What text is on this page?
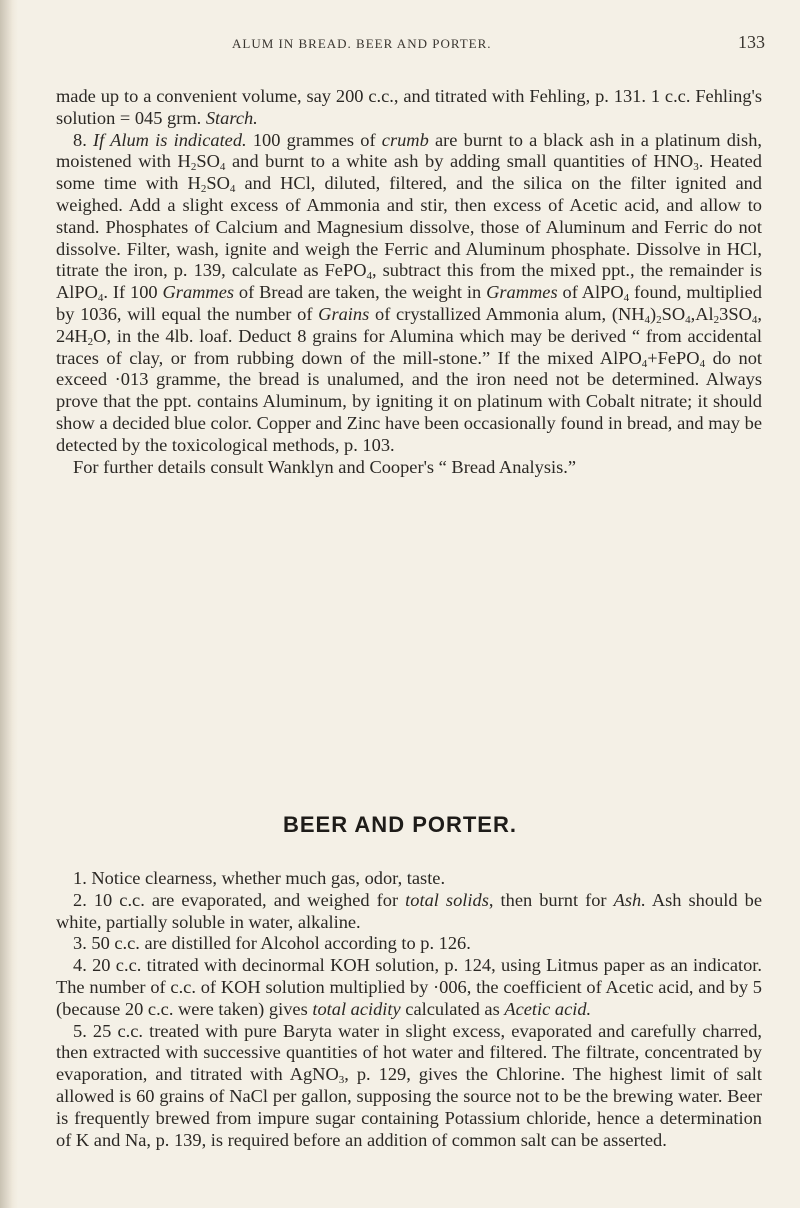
ALUM IN BREAD. BEER AND PORTER.	133

made up to a convenient volume, say 200 c.c., and titrated with Fehling, p. 131. 1 c.c. Fehling's solution = 045 grm. Starch.

8. If Alum is indicated. 100 grammes of crumb are burnt to a black ash in a platinum dish, moistened with $H_2SO_4$ and burnt to a white ash by adding small quantities of $HNO_3$. Heated some time with $H_2SO_4$ and HCl, diluted, filtered, and the silica on the filter ignited and weighed. Add a slight excess of Ammonia and stir, then excess of Acetic acid, and allow to stand. Phosphates of Calcium and Magnesium dissolve, those of Aluminum and Ferric do not dissolve. Filter, wash, ignite and weigh the Ferric and Aluminum phosphate. Dissolve in HCl, titrate the iron, p. 139, calculate as FePO$_4$, subtract this from the mixed ppt., the remainder is AlPO$_4$. If 100 Grammes of Bread are taken, the weight in Grammes of AlPO$_4$ found, multiplied by 1036, will equal the number of Grains of crystallized Ammonia alum, $(NH_4)_2SO_4,Al_23SO_4$, $24H_2O$, in the 4lb. loaf. Deduct 8 grains for Alumina which may be derived “ from accidental traces of clay, or from rubbing down of the mill-stone.” If the mixed AlPO$_4$+FePO$_4$ do not exceed ·013 gramme, the bread is unalumed, and the iron need not be determined. Always prove that the ppt. contains Aluminum, by igniting it on platinum with Cobalt nitrate; it should show a decided blue color. Copper and Zinc have been occasionally found in bread, and may be detected by the toxicological methods, p. 103.

For further details consult Wanklyn and Cooper's “ Bread Analysis.”

BEER AND PORTER.

1. Notice clearness, whether much gas, odor, taste.

2. 10 c.c. are evaporated, and weighed for total solids, then burnt for Ash. Ash should be white, partially soluble in water, alkaline.

3. 50 c.c. are distilled for Alcohol according to p. 126.

4. 20 c.c. titrated with decinormal KOH solution, p. 124, using Litmus paper as an indicator. The number of c.c. of KOH solution multiplied by ·006, the coefficient of Acetic acid, and by 5 (because 20 c.c. were taken) gives total acidity calculated as Acetic acid.

5. 25 c.c. treated with pure Baryta water in slight excess, evaporated and carefully charred, then extracted with successive quantities of hot water and filtered. The filtrate, concentrated by evaporation, and titrated with AgNO$_3$, p. 129, gives the Chlorine. The highest limit of salt allowed is 60 grains of NaCl per gallon, supposing the source not to be the brewing water. Beer is frequently brewed from impure sugar containing Potassium chloride, hence a determination of K and Na, p. 139, is required before an addition of common salt can be asserted.
